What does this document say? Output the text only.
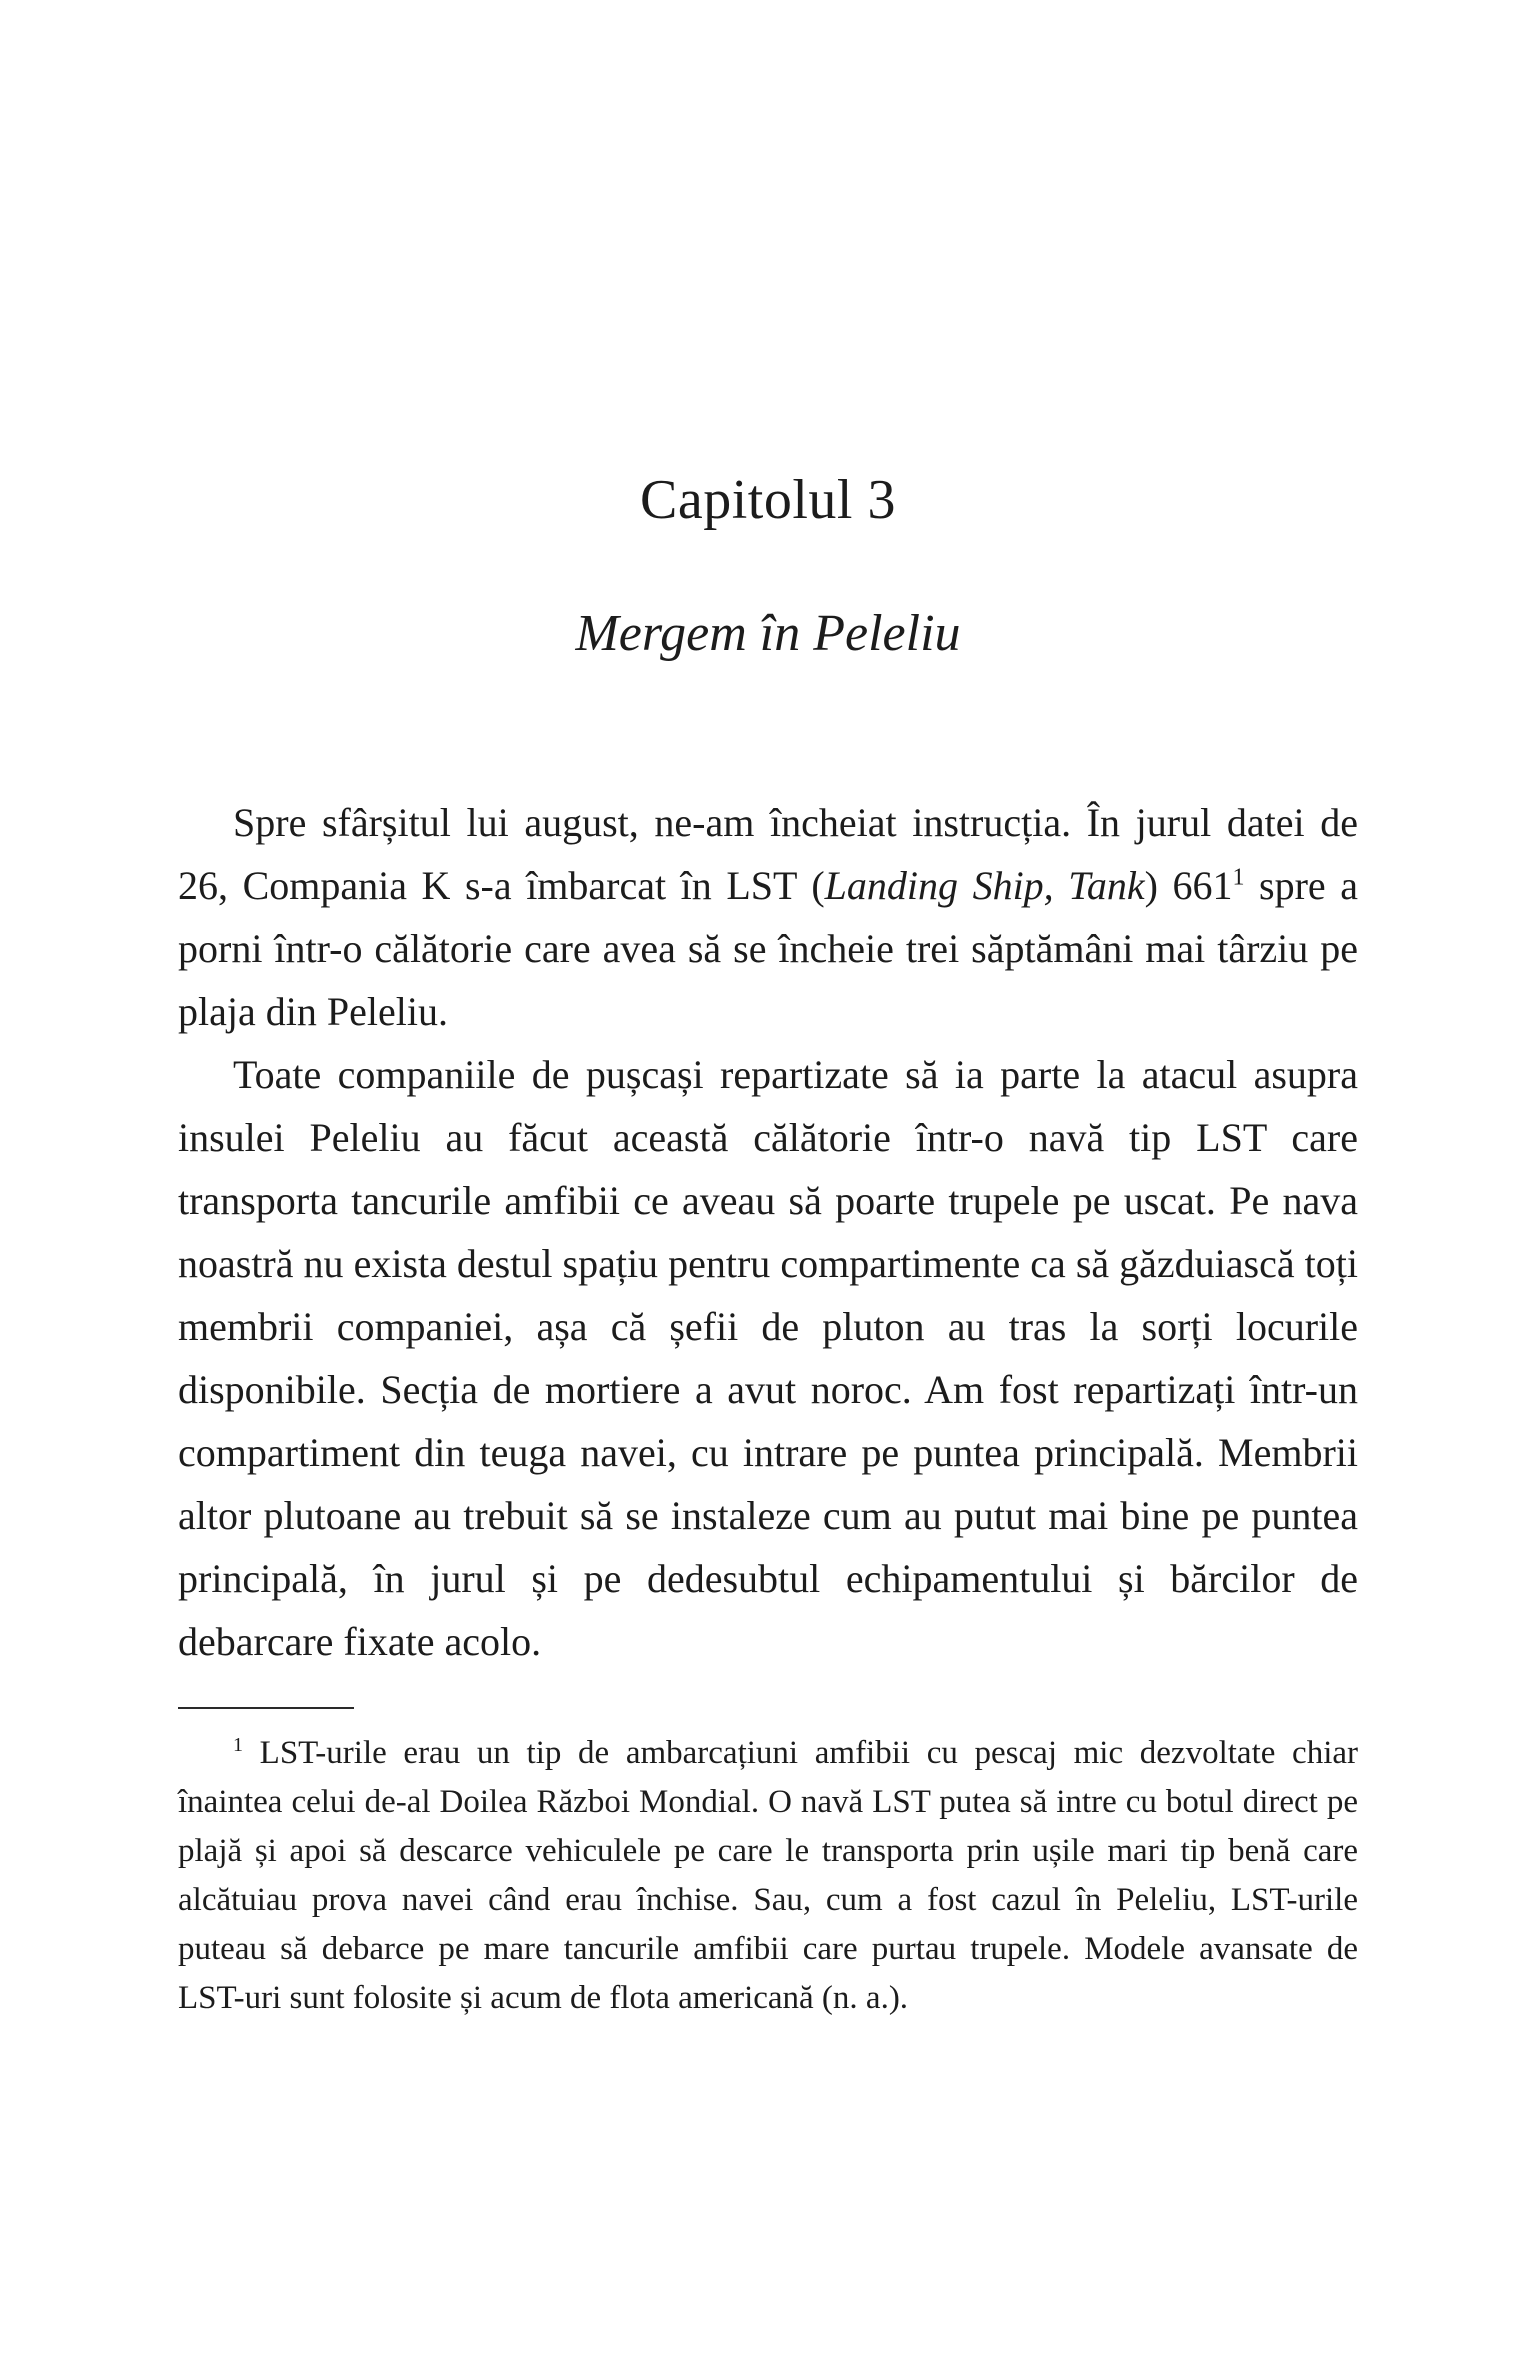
Capitolul 3
Mergem în Peleliu

Spre sfârșitul lui august, ne-am încheiat instrucția. În jurul datei de 26, Compania K s-a îmbarcat în LST (Landing Ship, Tank) 661$^1$ spre a porni într-o călătorie care avea să se încheie trei săptămâni mai târziu pe plaja din Peleliu.

Toate companiile de pușcași repartizate să ia parte la atacul asupra insulei Peleliu au făcut această călătorie într-o navă tip LST care transporta tancurile amfibii ce aveau să poarte trupele pe uscat. Pe nava noastră nu exista destul spațiu pentru compartimente ca să găzduiască toți membrii companiei, așa că șefii de pluton au tras la sorți locurile disponibile. Secția de mortiere a avut noroc. Am fost repartizați într-un compartiment din teuga navei, cu intrare pe puntea principală. Membrii altor plutoane au trebuit să se instaleze cum au putut mai bine pe puntea principală, în jurul și pe dedesubtul echipamentului și bărcilor de debarcare fixate acolo.

$^1$ LST-urile erau un tip de ambarcațiuni amfibii cu pescaj mic dezvoltate chiar înaintea celui de-al Doilea Război Mondial. O navă LST putea să intre cu botul direct pe plajă și apoi să descarce vehiculele pe care le transporta prin ușile mari tip benă care alcătuiau prova navei când erau închise. Sau, cum a fost cazul în Peleliu, LST-urile puteau să debarce pe mare tancurile amfibii care purtau trupele. Modele avansate de LST-uri sunt folosite și acum de flota americană (n. a.).
